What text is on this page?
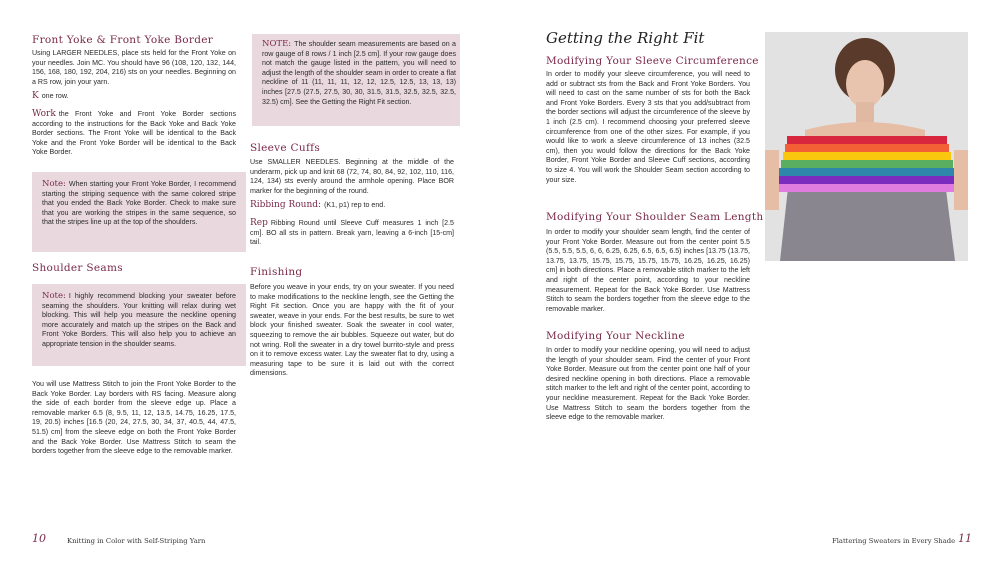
Front Yoke & Front Yoke Border
Using LARGER NEEDLES, place sts held for the Front Yoke on your needles. Join MC. You should have 96 (108, 120, 132, 144, 156, 168, 180, 192, 204, 216) sts on your needles. Beginning on a RS row, join your yarn.
K one row.
Work the Front Yoke and Front Yoke Border sections according to the instructions for the Back Yoke and Back Yoke Border sections. The Front Yoke will be identical to the Back Yoke and the Front Yoke Border will be identical to the Back Yoke Border.
Note: When starting your Front Yoke Border, I recommend starting the striping sequence with the same colored stripe that you ended the Back Yoke Border. Check to make sure that you are working the stripes in the same sequence, so that the stripes line up at the top of the shoulders.
Shoulder Seams
Note: I highly recommend blocking your sweater before seaming the shoulders. Your knitting will relax during wet blocking. This will help you measure the neckline opening more accurately and match up the stripes on the Back and Front Yoke Borders. This will also help you to achieve an appropriate tension in the shoulder seams.
You will use Mattress Stitch to join the Front Yoke Border to the Back Yoke Border. Lay borders with RS facing. Measure along the side of each border from the sleeve edge up. Place a removable marker 6.5 (8, 9.5, 11, 12, 13.5, 14.75, 16.25, 17.5, 19, 20.5) inches [16.5 (20, 24, 27.5, 30, 34, 37, 40.5, 44, 47.5, 51.5) cm] from the sleeve edge on both the Front Yoke Border and the Back Yoke Border. Use Mattress Stitch to seam the borders together from the sleeve edge to the removable marker.
NOTE: The shoulder seam measurements are based on a row gauge of 8 rows / 1 inch [2.5 cm]. If your row gauge does not match the gauge listed in the pattern, you will need to adjust the length of the shoulder seam in order to create a flat neckline of 11 (11, 11, 11, 12, 12, 12.5, 12.5, 13, 13, 13) inches [27.5 (27.5, 27.5, 30, 30, 31.5, 31.5, 32.5, 32.5, 32.5, 32.5) cm]. See the Getting the Right Fit section.
Sleeve Cuffs
Use SMALLER NEEDLES. Beginning at the middle of the underarm, pick up and knit 68 (72, 74, 80, 84, 92, 102, 110, 116, 124, 134) sts evenly around the armhole opening. Place BOR marker for the beginning of the round.
Ribbing Round: (K1, p1) rep to end.
Rep Ribbing Round until Sleeve Cuff measures 1 inch [2.5 cm]. BO all sts in pattern. Break yarn, leaving a 6-inch [15-cm] tail.
Finishing
Before you weave in your ends, try on your sweater. If you need to make modifications to the neckline length, see the Getting the Right Fit section. Once you are happy with the fit of your sweater, weave in your ends. For the best results, be sure to wet block your finished sweater. Soak the sweater in cool water, squeezing to remove the air bubbles. Squeeze out water, but do not wring. Roll the sweater in a dry towel burrito-style and press on it to remove excess water. Lay the sweater flat to dry, using a measuring tape to be sure it is laid out with the correct dimensions.
10	Knitting in Color with Self-Striping Yarn
Getting the Right Fit
Modifying Your Sleeve Circumference
In order to modify your sleeve circumference, you will need to add or subtract sts from the Back and Front Yoke Borders. You will need to cast on the same number of sts for both the Back and Front Yoke Borders. Every 3 sts that you add/subtract from the border sections will adjust the circumference of the sleeve by 1 inch (2.5 cm). I recommend choosing your preferred sleeve circumference from one of the other sizes. For example, if you would like to work a sleeve circumference of 13 inches (32.5 cm), then you would follow the directions for the Back Yoke Border, Front Yoke Border and Sleeve Cuff sections, according to size 4. You will work the Shoulder Seam section according to your size.
Modifying Your Shoulder Seam Length
In order to modify your shoulder seam length, find the center of your Front Yoke Border. Measure out from the center point 5.5 (5.5, 5.5, 5.5, 6, 6, 6.25, 6.25, 6.5, 6.5, 6.5) inches [13.75 (13.75, 13.75, 13.75, 15.75, 15.75, 15.75, 15.75, 16.25, 16.25, 16.25) cm] in both directions. Place a removable stitch marker to the left and right of the center point, according to your neckline measurement. Repeat for the Back Yoke Border. Use Mattress Stitch to seam the borders together from the sleeve edge to the removable marker.
Modifying Your Neckline
In order to modify your neckline opening, you will need to adjust the length of your shoulder seam. Find the center of your Front Yoke Border. Measure out from the center point one half of your desired neckline opening in both directions. Place a removable stitch marker to the left and right of the center point, according to your neckline measurement. Repeat for the Back Yoke Border. Use Mattress Stitch to seam the borders together from the sleeve edge to the removable marker.
Flattering Sweaters in Every Shade 11
